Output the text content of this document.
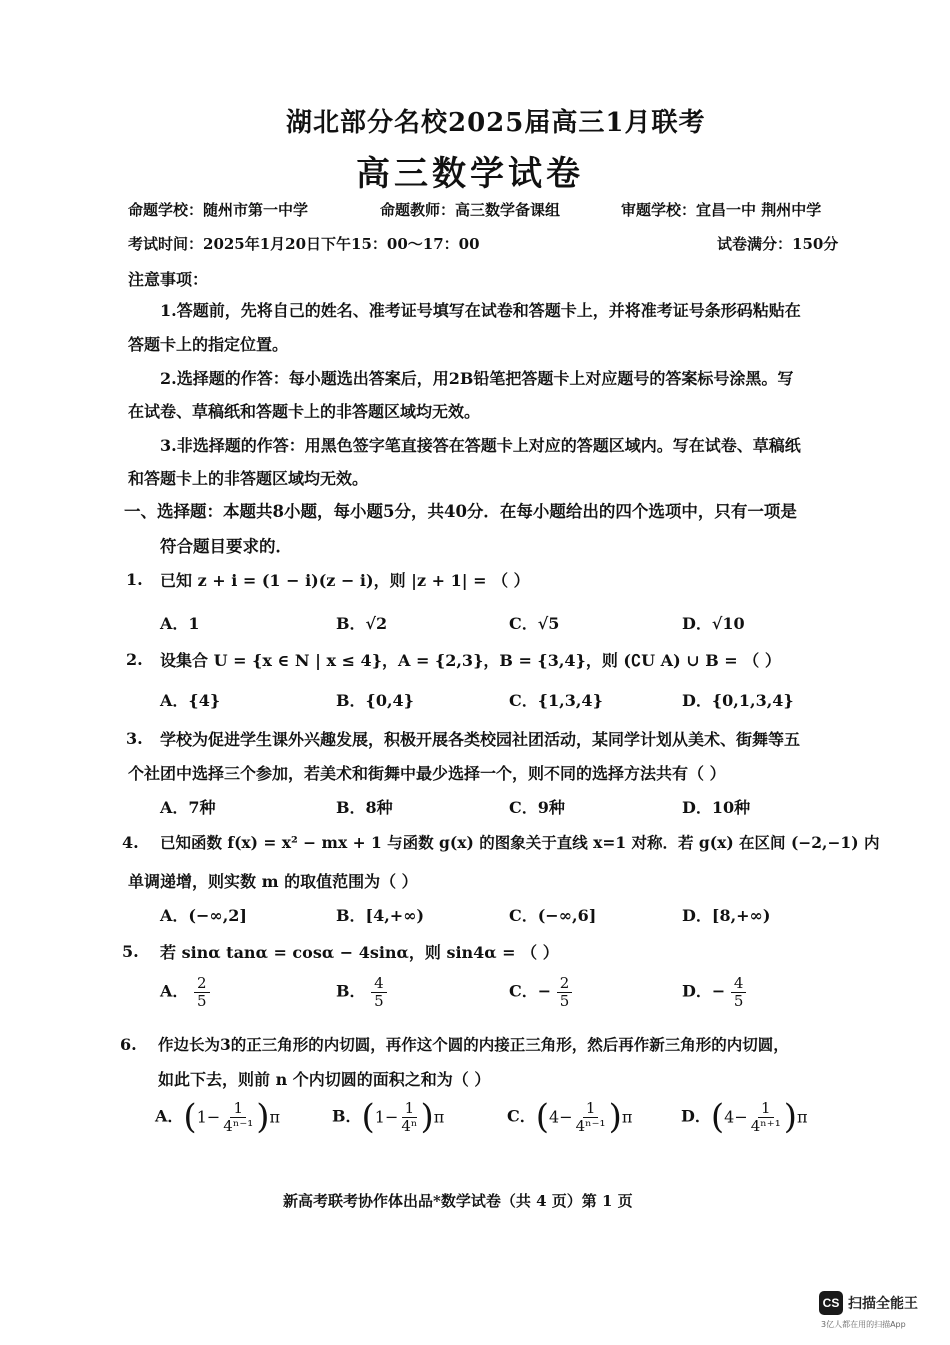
湖北部分名校2025届高三1月联考
高三数学试卷
命题学校：随州市第一中学	命题教师：高三数学备课组	审题学校：宜昌一中 荆州中学
考试时间：2025年1月20日下午15：00～17：00	试卷满分：150分
注意事项：
1.答题前，先将自己的姓名、准考证号填写在试卷和答题卡上，并将准考证号条形码粘贴在
答题卡上的指定位置。
2.选择题的作答：每小题选出答案后，用2B铅笔把答题卡上对应题号的答案标号涂黑。写
在试卷、草稿纸和答题卡上的非答题区域均无效。
3.非选择题的作答：用黑色签字笔直接答在答题卡上对应的答题区域内。写在试卷、草稿纸
和答题卡上的非答题区域均无效。
一、选择题：本题共8小题，每小题5分，共40分．在每小题给出的四个选项中，只有一项是
符合题目要求的．
1. 已知 z + i = (1 − i)(z − i)，则 |z + 1| = （ ）
A．1	B．√2	C．√5	D．√10
2. 设集合 U = {x ∈ N | x ≤ 4}，A = {2,3}，B = {3,4}，则 (∁U A) ∪ B = （ ）
A．{4}	B．{0,4}	C．{1,3,4}	D．{0,1,3,4}
3. 学校为促进学生课外兴趣发展，积极开展各类校园社团活动，某同学计划从美术、街舞等五
个社团中选择三个参加，若美术和街舞中最少选择一个，则不同的选择方法共有（ ）
A．7种	B．8种	C．9种	D．10种
4. 已知函数 f(x) = x² − mx + 1 与函数 g(x) 的图象关于直线 x=1 对称．若 g(x) 在区间 (−2,−1) 内
单调递增，则实数 m 的取值范围为（ ）
A．(−∞,2]	B．[4,+∞)	C．(−∞,6]	D．[8,+∞)
5. 若 sinα tanα = cosα − 4sinα，则 sin4α = （ ）
A． $\frac{2}{5}$	B． $\frac{4}{5}$	C．− $\frac{2}{5}$	D．− $\frac{4}{5}$
6. 作边长为3的正三角形的内切圆，再作这个圆的内接正三角形，然后再作新三角形的内切圆，
如此下去，则前 n 个内切圆的面积之和为（ ）
A．$(1- \frac{1}{\text{4ⁿ⁻¹}} )\pi$	B．$(1- \frac{1}{\text{4ⁿ}} )\pi$	C．$(4- \frac{1}{\text{4ⁿ⁻¹}} )\pi$	D．$(4- \frac{1}{\text{4ⁿ⁺¹}} )\pi$
新高考联考协作体出品*数学试卷（共 4 页）第 1 页
CS 扫描全能王
3亿人都在用的扫描App
